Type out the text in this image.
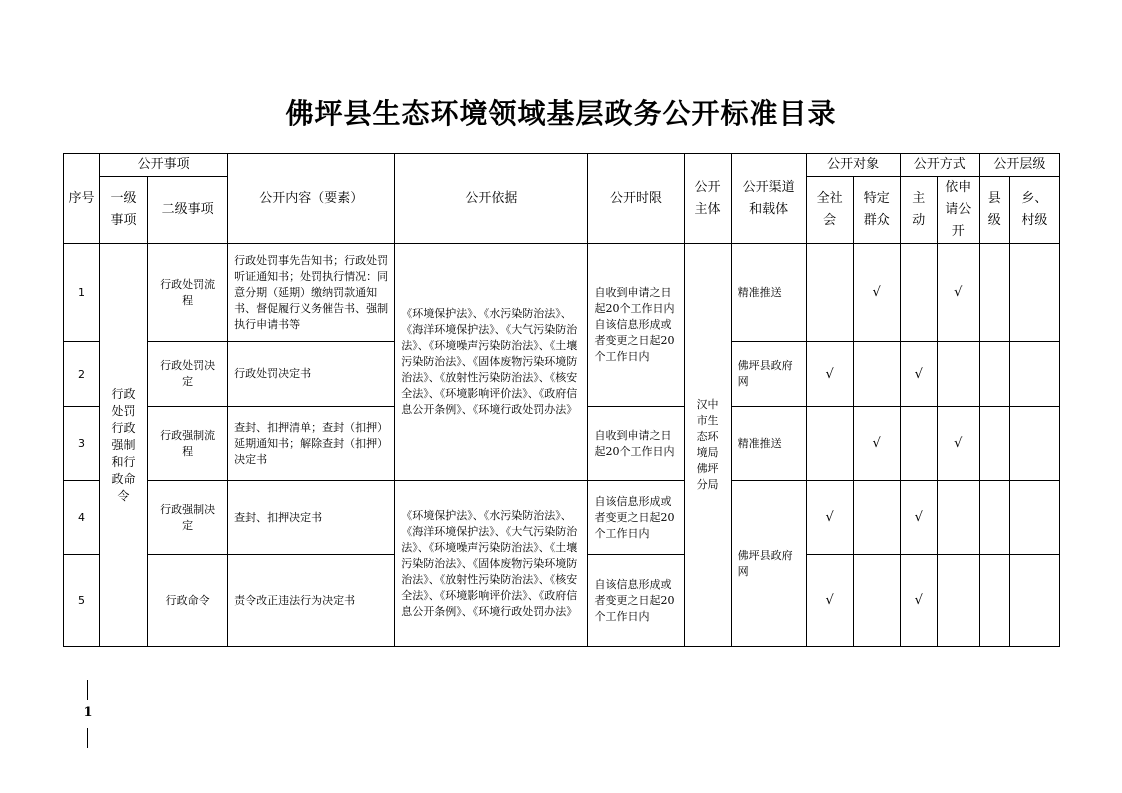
佛坪县生态环境领域基层政务公开标准目录
序号	公开事项		公开内容（要素）	公开依据	公开时限	公开主体	公开渠道和载体	公开对象		公开方式		公开层级	
	一级事项	二级事项						全社会	特定群众	主动	依申请公开	县级	乡、村级
1	行政处罚行政强制和行政命令	行政处罚流程	行政处罚事先告知书；行政处罚听证通知书；处罚执行情况：同意分期（延期）缴纳罚款通知书、督促履行义务催告书、强制执行申请书等	《环境保护法》、《水污染防治法》、《海洋环境保护法》、《大气污染防治法》、《环境噪声污染防治法》、《土壤污染防治法》、《固体废物污染环境防治法》、《放射性污染防治法》、《核安全法》、《环境影响评价法》、《政府信息公开条例》、《环境行政处罚办法》	自收到申请之日起20个工作日内自该信息形成或者变更之日起20个工作日内	汉中市生态环境局佛坪分局	精准推送		√		√		
2		行政处罚决定	行政处罚决定书				佛坪县政府网	√		√			
3		行政强制流程	查封、扣押清单；查封（扣押）延期通知书；解除查封（扣押）决定书		自收到申请之日起20个工作日内		精准推送		√		√		
4		行政强制决定	查封、扣押决定书	《环境保护法》、《水污染防治法》、《海洋环境保护法》、《大气污染防治法》、《环境噪声污染防治法》、《土壤污染防治法》、《固体废物污染环境防治法》、《放射性污染防治法》、《核安全法》、《环境影响评价法》、《政府信息公开条例》、《环境行政处罚办法》	自该信息形成或者变更之日起20个工作日内		佛坪县政府网	√		√			
5		行政命令	责令改正违法行为决定书		自该信息形成或者变更之日起20个工作日内			√		√			
1
